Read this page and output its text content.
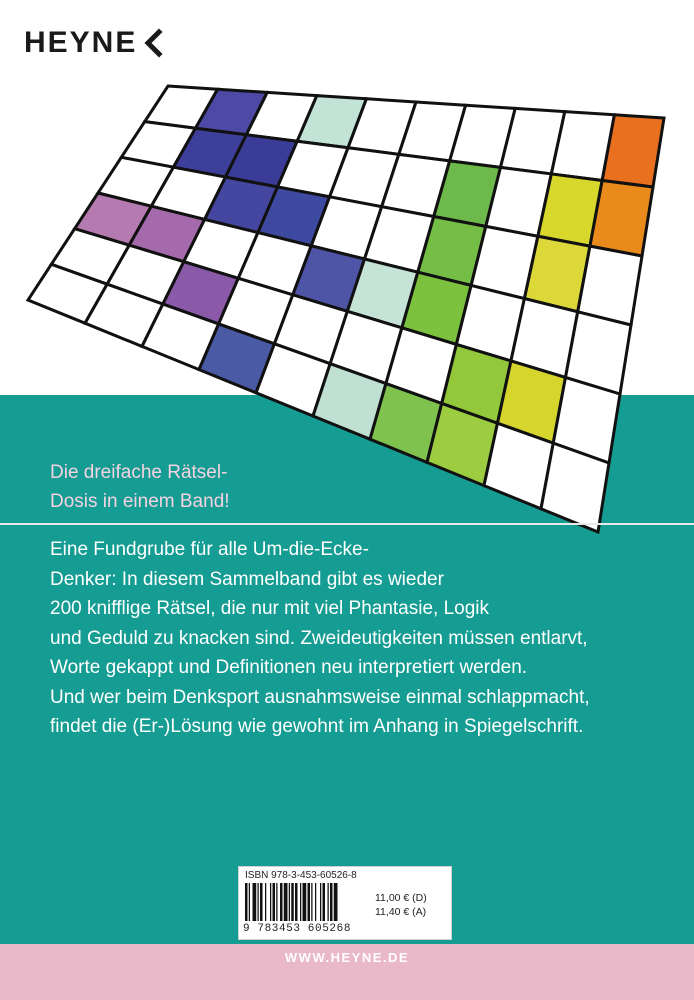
HEYNE
Die dreifache Rätsel-
Dosis in einem Band!
Eine Fundgrube für alle Um-die-Ecke-
Denker: In diesem Sammelband gibt es wieder
200 knifflige Rätsel, die nur mit viel Phantasie, Logik
und Geduld zu knacken sind. Zweideutigkeiten müssen entlarvt,
Worte gekappt und Definitionen neu interpretiert werden.
Und wer beim Denksport ausnahmsweise einmal schlappmacht,
findet die (Er-)Lösung wie gewohnt im Anhang in Spiegelschrift.
ISBN 978-3-453-60526-8
9 783453 605268
11,00 € (D)
11,40 € (A)
WWW.HEYNE.DE
